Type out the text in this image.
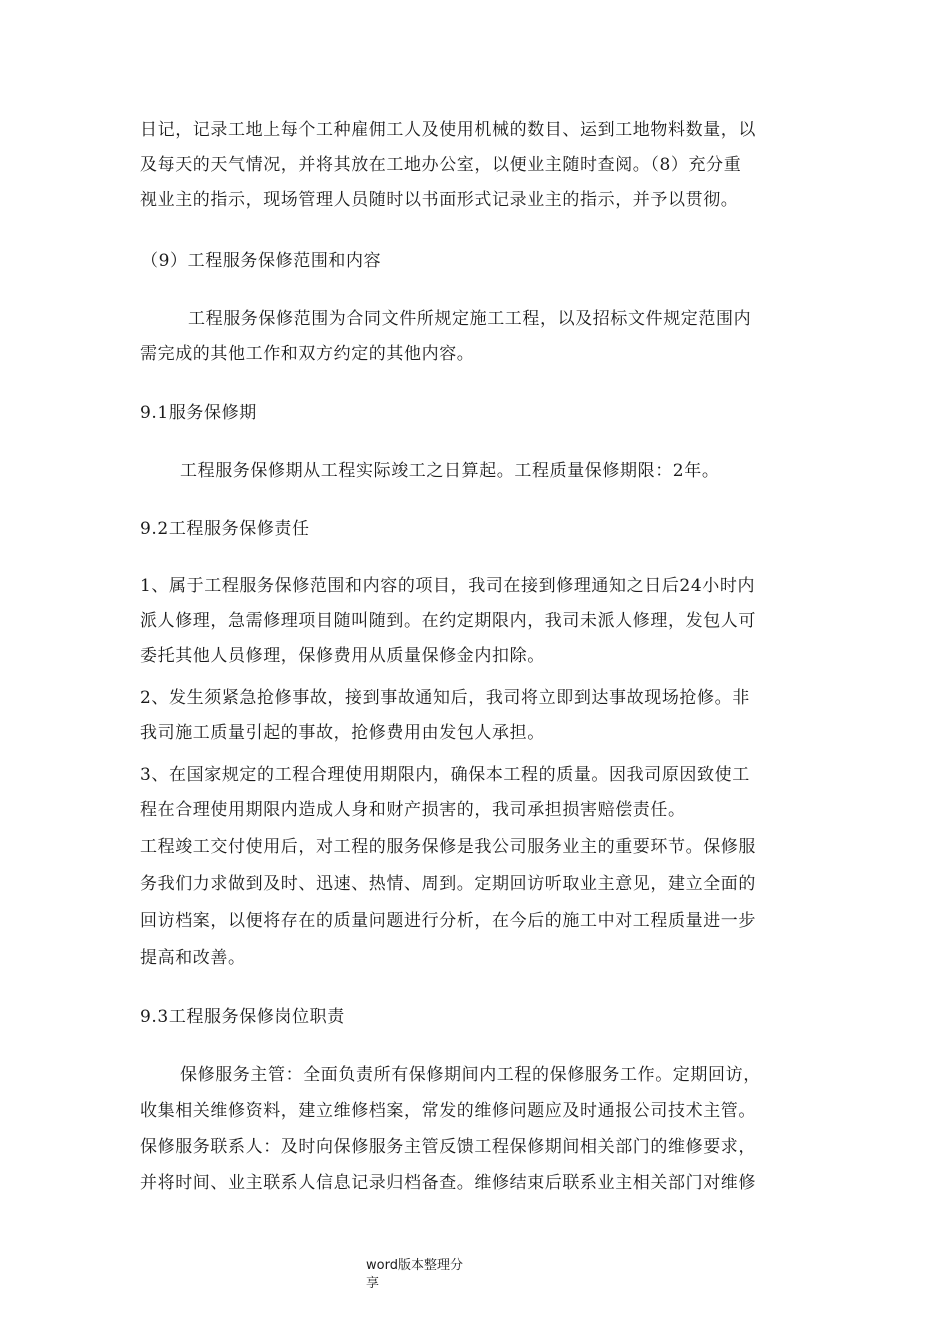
日记，记录工地上每个工种雇佣工人及使用机械的数目、运到工地物料数量，以
及每天的天气情况，并将其放在工地办公室，以便业主随时查阅。（8）充分重
视业主的指示，现场管理人员随时以书面形式记录业主的指示，并予以贯彻。
（9）工程服务保修范围和内容
工程服务保修范围为合同文件所规定施工工程，以及招标文件规定范围内
需完成的其他工作和双方约定的其他内容。
9.1服务保修期
工程服务保修期从工程实际竣工之日算起。工程质量保修期限：2年。
9.2工程服务保修责任
1、属于工程服务保修范围和内容的项目，我司在接到修理通知之日后24小时内
派人修理，急需修理项目随叫随到。在约定期限内，我司未派人修理，发包人可
委托其他人员修理，保修费用从质量保修金内扣除。
2、发生须紧急抢修事故，接到事故通知后，我司将立即到达事故现场抢修。非
我司施工质量引起的事故，抢修费用由发包人承担。
3、在国家规定的工程合理使用期限内，确保本工程的质量。因我司原因致使工
程在合理使用期限内造成人身和财产损害的，我司承担损害赔偿责任。
工程竣工交付使用后，对工程的服务保修是我公司服务业主的重要环节。保修服
务我们力求做到及时、迅速、热情、周到。定期回访听取业主意见，建立全面的
回访档案，以便将存在的质量问题进行分析，在今后的施工中对工程质量进一步
提高和改善。
9.3工程服务保修岗位职责
保修服务主管：全面负责所有保修期间内工程的保修服务工作。定期回访，
收集相关维修资料，建立维修档案，常发的维修问题应及时通报公司技术主管。
保修服务联系人：及时向保修服务主管反馈工程保修期间相关部门的维修要求，
并将时间、业主联系人信息记录归档备查。维修结束后联系业主相关部门对维修
word版本整理分
享
